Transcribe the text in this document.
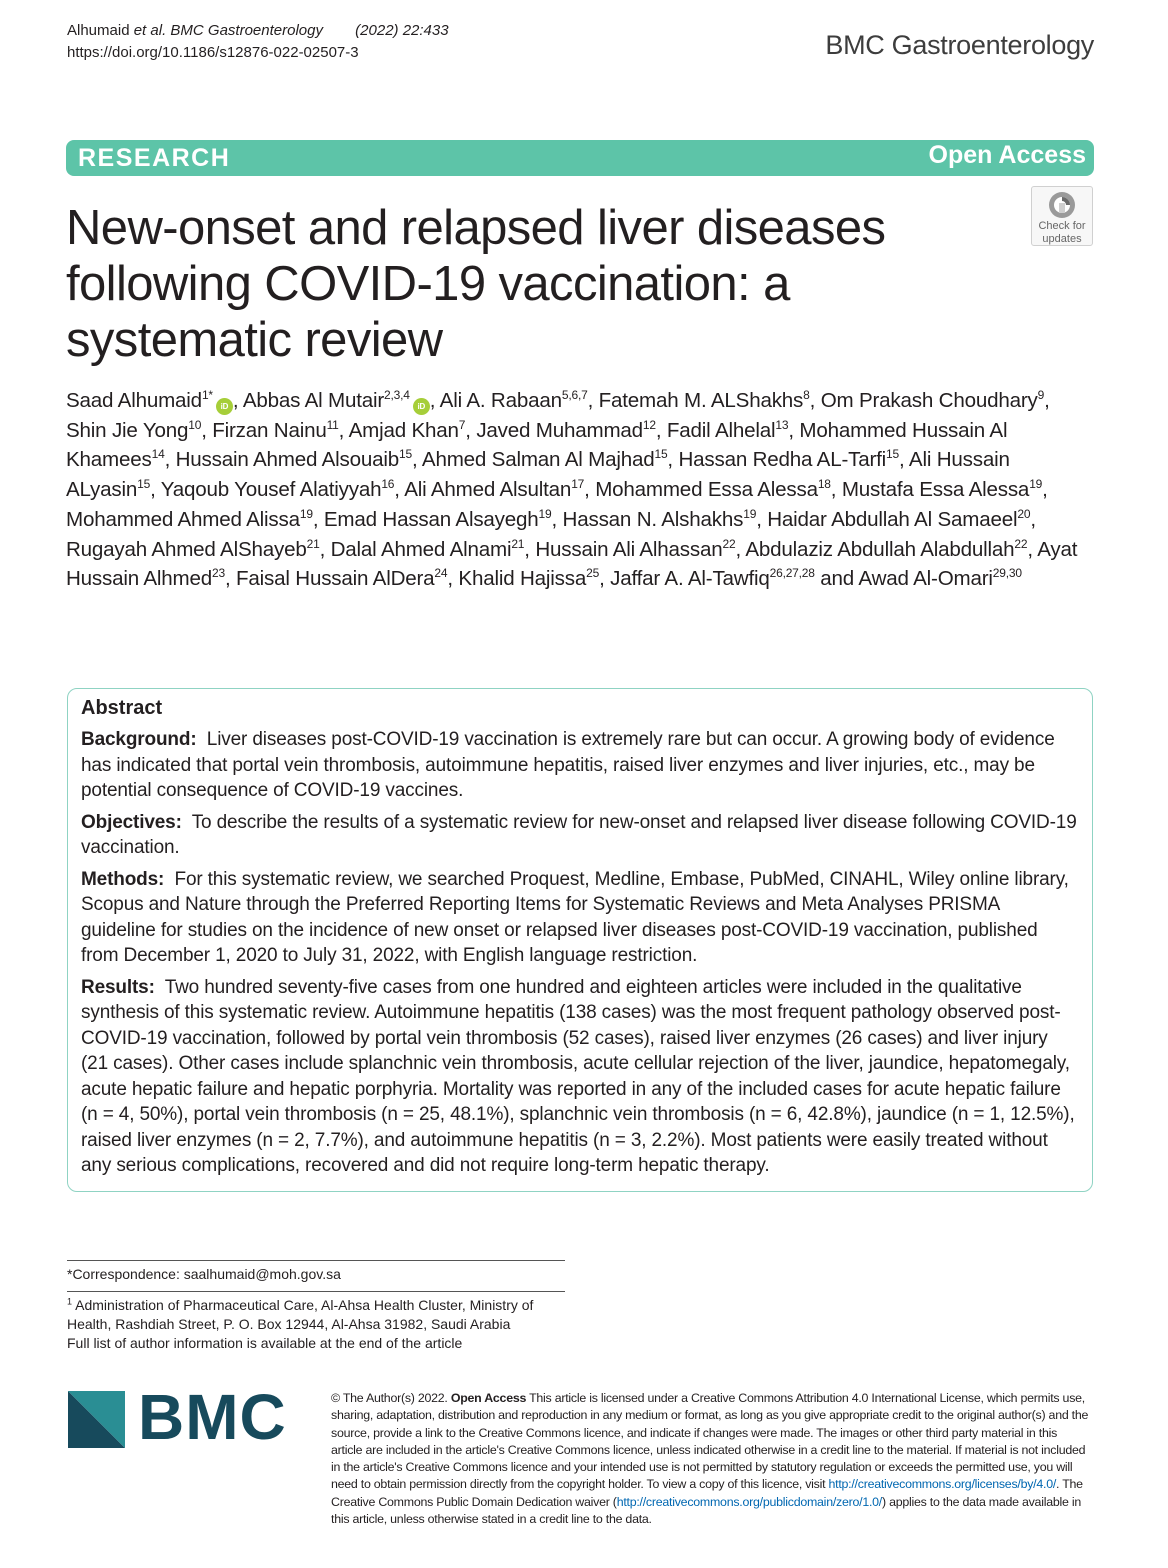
Alhumaid et al. BMC Gastroenterology (2022) 22:433
https://doi.org/10.1186/s12876-022-02507-3	BMC Gastroenterology
RESEARCH	Open Access
Check for
updates
New-onset and relapsed liver diseases following COVID-19 vaccination: a systematic review
Saad Alhumaid$^{1*}$iD , Abbas Al Mutair$^{2,3,4}$iD , Ali A. Rabaan$^{5,6,7}$, Fatemah M. ALShakhs$^8$, Om Prakash Choudhary$^9$, Shin Jie Yong$^{10}$, Firzan Nainu$^{11}$, Amjad Khan$^7$, Javed Muhammad$^{12}$, Fadil Alhelal$^{13}$, Mohammed Hussain Al Khamees$^{14}$, Hussain Ahmed Alsouaib$^{15}$, Ahmed Salman Al Majhad$^{15}$, Hassan Redha AL-Tarfi$^{15}$, Ali Hussain ALyasin$^{15}$, Yaqoub Yousef Alatiyyah$^{16}$, Ali Ahmed Alsultan$^{17}$, Mohammed Essa Alessa$^{18}$, Mustafa Essa Alessa$^{19}$, Mohammed Ahmed Alissa$^{19}$, Emad Hassan Alsayegh$^{19}$, Hassan N. Alshakhs$^{19}$, Haidar Abdullah Al Samaeel$^{20}$, Rugayah Ahmed AlShayeb$^{21}$, Dalal Ahmed Alnami$^{21}$, Hussain Ali Alhassan$^{22}$, Abdulaziz Abdullah Alabdullah$^{22}$, Ayat Hussain Alhmed$^{23}$, Faisal Hussain AlDera$^{24}$, Khalid Hajissa$^{25}$, Jaffar A. Al-Tawfiq$^{26,27,28}$ and Awad Al-Omari$^{29,30}$
Abstract

Background: Liver diseases post-COVID-19 vaccination is extremely rare but can occur. A growing body of evidence has indicated that portal vein thrombosis, autoimmune hepatitis, raised liver enzymes and liver injuries, etc., may be potential consequence of COVID-19 vaccines.

Objectives: To describe the results of a systematic review for new-onset and relapsed liver disease following COVID-19 vaccination.

Methods: For this systematic review, we searched Proquest, Medline, Embase, PubMed, CINAHL, Wiley online library, Scopus and Nature through the Preferred Reporting Items for Systematic Reviews and Meta Analyses PRISMA guideline for studies on the incidence of new onset or relapsed liver diseases post-COVID-19 vaccination, published from December 1, 2020 to July 31, 2022, with English language restriction.

Results: Two hundred seventy-five cases from one hundred and eighteen articles were included in the qualitative synthesis of this systematic review. Autoimmune hepatitis (138 cases) was the most frequent pathology observed post-COVID-19 vaccination, followed by portal vein thrombosis (52 cases), raised liver enzymes (26 cases) and liver injury (21 cases). Other cases include splanchnic vein thrombosis, acute cellular rejection of the liver, jaundice, hepatomegaly, acute hepatic failure and hepatic porphyria. Mortality was reported in any of the included cases for acute hepatic failure (n = 4, 50%), portal vein thrombosis (n = 25, 48.1%), splanchnic vein thrombosis (n = 6, 42.8%), jaundice (n = 1, 12.5%), raised liver enzymes (n = 2, 7.7%), and autoimmune hepatitis (n = 3, 2.2%). Most patients were easily treated without any serious complications, recovered and did not require long-term hepatic therapy.

*Correspondence: saalhumaid@moh.gov.sa
$^1$ Administration of Pharmaceutical Care, Al-Ahsa Health Cluster, Ministry of Health, Rashdiah Street, P. O. Box 12944, Al-Ahsa 31982, Saudi Arabia
Full list of author information is available at the end of the article
BMC	© The Author(s) 2022. Open Access This article is licensed under a Creative Commons Attribution 4.0 International License, which permits use, sharing, adaptation, distribution and reproduction in any medium or format, as long as you give appropriate credit to the original author(s) and the source, provide a link to the Creative Commons licence, and indicate if changes were made. The images or other third party material in this article are included in the article's Creative Commons licence, unless indicated otherwise in a credit line to the material. If material is not included in the article's Creative Commons licence and your intended use is not permitted by statutory regulation or exceeds the permitted use, you will need to obtain permission directly from the copyright holder. To view a copy of this licence, visit http://creativecommons.org/licenses/by/4.0/. The Creative Commons Public Domain Dedication waiver (http://creativecommons.org/publicdomain/zero/1.0/) applies to the data made available in this article, unless otherwise stated in a credit line to the data.
